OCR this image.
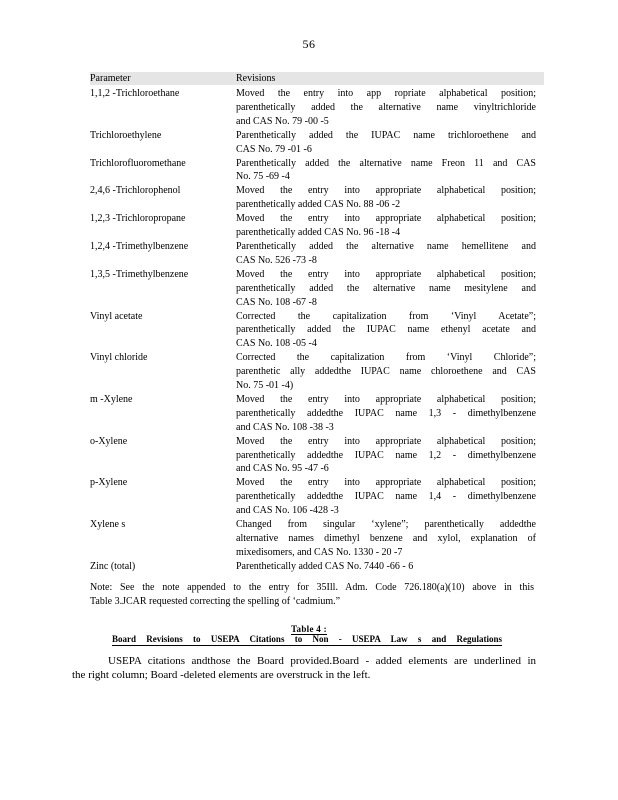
56
Parameter	Revisions
1,1,2 -Trichloroethane	Moved the entry into app ropriate alphabetical position;
parenthetically added the alternative name vinyltrichloride
and CAS No. 79 -00 -5
Trichloroethylene	Parenthetically added the IUPAC name trichloroethene and
CAS No. 79 -01 -6
Trichlorofluoromethane	Parenthetically added the alternative name Freon 11 and CAS
No. 75 -69 -4
2,4,6 -Trichlorophenol	Moved the entry into appropriate alphabetical position;
parenthetically added CAS No. 88 -06 -2
1,2,3 -Trichloropropane	Moved the entry into appropriate alphabetical position;
parenthetically added CAS No. 96 -18 -4
1,2,4 -Trimethylbenzene	Parenthetically added the alternative name hemellitene and
CAS No. 526 -73 -8
1,3,5 -Trimethylbenzene	Moved the entry into appropriate alphabetical position;
parenthetically added the alternative name mesitylene and
CAS No. 108 -67 -8
Vinyl acetate	Corrected the capitalization from ‘Vinyl Acetate”;
parenthetically added the IUPAC name ethenyl acetate and
CAS No. 108 -05 -4
Vinyl chloride	Corrected the capitalization from ‘Vinyl Chloride”;
parenthetic ally addedthe IUPAC name chloroethene and CAS
No. 75 -01 -4)
m -Xylene	Moved the entry into appropriate alphabetical position;
parenthetically addedthe IUPAC name 1,3 - dimethylbenzene
and CAS No. 108 -38 -3
o-Xylene	Moved the entry into appropriate alphabetical position;
parenthetically addedthe IUPAC name 1,2 - dimethylbenzene
and CAS No. 95 -47 -6
p-Xylene	Moved the entry into appropriate alphabetical position;
parenthetically addedthe IUPAC name 1,4 - dimethylbenzene
and CAS No. 106 -428 -3
Xylene s	Changed from singular ‘xylene”; parenthetically addedthe
alternative names dimethyl benzene and xylol, explanation of
mixedisomers, and CAS No. 1330 - 20 -7
Zinc (total)	Parenthetically added CAS No. 7440 -66 - 6
Note: See the note appended to the entry for 35Ill. Adm. Code 726.180(a)(10) above in this
Table 3.JCAR requested correcting the spelling of ‘cadmium.”
Table 4 :
Board Revisions to USEPA Citations to Non - USEPA Law s and Regulations
USEPA citations andthose the Board provided.Board - added elements are underlined in
the right column; Board -deleted elements are overstruck in the left.
